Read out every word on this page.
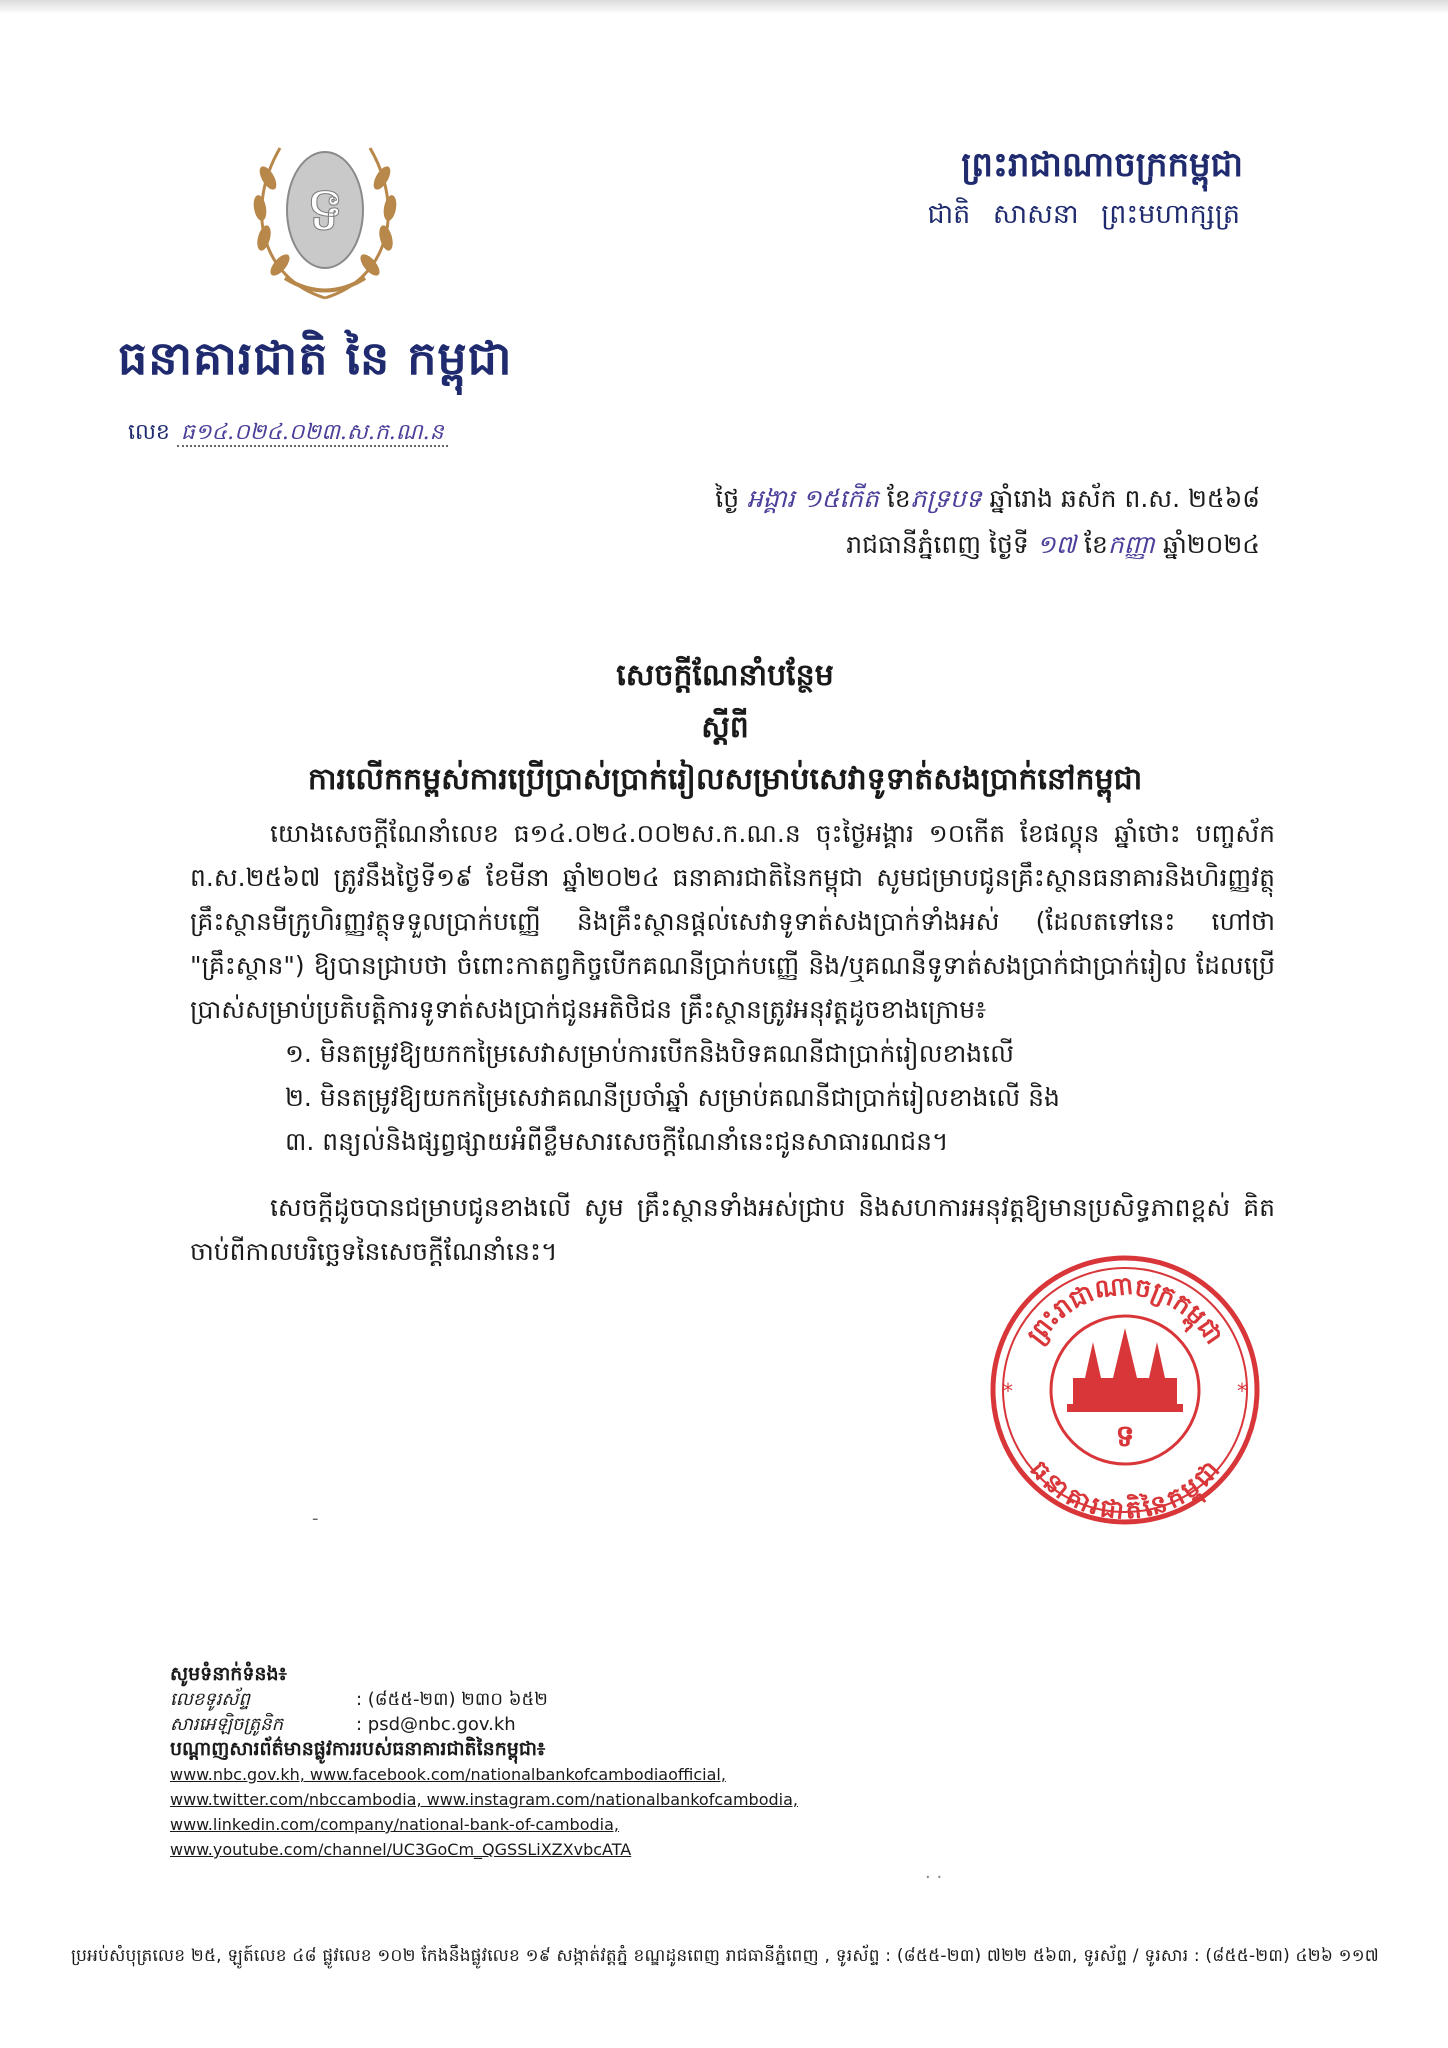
ទ
ធនាគារជាតិ នៃ កម្ពុជា
លេខ ធ១៤.០២៤.០២៣.ស.ក.ណ.ន
ព្រះរាជាណាចក្រកម្ពុជា
ជាតិ សាសនា ព្រះមហាក្សត្រ
ថ្ងៃ អង្គារ ១៥កើត ខែភទ្របទ ឆ្នាំរោង ឆស័ក ព.ស. ២៥៦៨
រាជធានីភ្នំពេញ ថ្ងៃទី ១៧ ខែកញ្ញា ឆ្នាំ២០២៤
សេចក្តីណែនាំបន្ថែម
ស្តីពី
ការលើកកម្ពស់ការប្រើប្រាស់ប្រាក់រៀលសម្រាប់សេវាទូទាត់សងប្រាក់នៅកម្ពុជា

យោងសេចក្តីណែនាំលេខ ធ១៤.០២៤.០០២ស.ក.ណ.ន ចុះថ្ងៃអង្គារ ១០កើត ខែផល្គុន ឆ្នាំថោះ បញ្ចស័ក ព.ស.២៥៦៧ ត្រូវនឹងថ្ងៃទី១៩ ខែមីនា ឆ្នាំ២០២៤ ធនាគារជាតិនៃកម្ពុជា សូមជម្រាបជូនគ្រឹះស្ថានធនាគារនិងហិរញ្ញវត្ថុ គ្រឹះស្ថានមីក្រូហិរញ្ញវត្ថុទទួលប្រាក់បញ្ញើ និងគ្រឹះស្ថានផ្តល់សេវាទូទាត់សងប្រាក់ទាំងអស់ (ដែលតទៅនេះ ហៅថា "គ្រឹះស្ថាន") ឱ្យបានជ្រាបថា ចំពោះកាតព្វកិច្ចបើកគណនីប្រាក់បញ្ញើ និង/ឬគណនីទូទាត់សងប្រាក់ជាប្រាក់រៀល ដែលប្រើប្រាស់សម្រាប់ប្រតិបត្តិការទូទាត់សងប្រាក់ជូនអតិថិជន គ្រឹះស្ថានត្រូវអនុវត្តដូចខាងក្រោម៖

១. មិនតម្រូវឱ្យយកកម្រៃសេវាសម្រាប់ការបើកនិងបិទគណនីជាប្រាក់រៀលខាងលើ
២. មិនតម្រូវឱ្យយកកម្រៃសេវាគណនីប្រចាំឆ្នាំ សម្រាប់គណនីជាប្រាក់រៀលខាងលើ និង
៣. ពន្យល់និងផ្សព្វផ្សាយអំពីខ្លឹមសារសេចក្តីណែនាំនេះជូនសាធារណជន។

សេចក្តីដូចបានជម្រាបជូនខាងលើ សូម គ្រឹះស្ថានទាំងអស់ជ្រាប និងសហការអនុវត្តឱ្យមានប្រសិទ្ធភាពខ្ពស់ គិតចាប់ពីកាលបរិច្ឆេទនៃសេចក្តីណែនាំនេះ។

ព្រះរាជាណាចក្រកម្ពុជា
ធនាគារជាតិនៃកម្ពុជា
ទ
*	*
-
សូមទំនាក់ទំនង៖
លេខទូរស័ព្ទ	: (៨៥៥-២៣) ២៣០ ៦៥២
សារអេឡិចត្រូនិក	: psd@nbc.gov.kh
បណ្តាញសារព័ត៌មានផ្លូវការរបស់ធនាគារជាតិនៃកម្ពុជា៖
www.nbc.gov.kh, www.facebook.com/nationalbankofcambodiaofficial,
www.twitter.com/nbccambodia, www.instagram.com/nationalbankofcambodia,
www.linkedin.com/company/national-bank-of-cambodia,
www.youtube.com/channel/UC3GoCm_QGSSLiXZXvbcATA
. .
ប្រអប់សំបុត្រលេខ ២៥, ឡូត៍លេខ ៤៨ ផ្លូវលេខ ១០២ កែងនឹងផ្លូវលេខ ១៩ សង្កាត់វត្តភ្នំ ខណ្ឌដូនពេញ រាជធានីភ្នំពេញ , ទូរស័ព្ទ : (៨៥៥-២៣) ៧២២ ៥៦៣, ទូរស័ព្ទ / ទូរសារ : (៨៥៥-២៣) ៤២៦ ១១៧
